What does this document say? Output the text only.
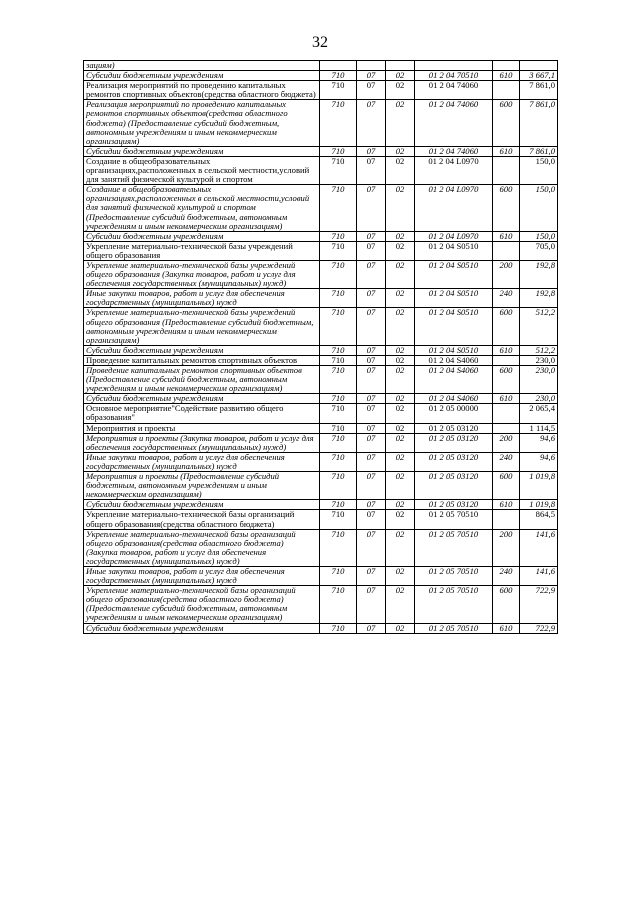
32
зациям)						
Субсидии бюджетным учреждениям	710	07	02	01 2 04 70510	610	3 667,1
Реализация мероприятий по проведению капитальных ремонтов спортивных объектов(средства областного бюджета)	710	07	02	01 2 04 74060		7 861,0
Реализация мероприятий по проведению капитальных ремонтов спортивных объектов(средства областного бюджета) (Предоставление субсидий бюджетным, автономным учреждениям и иным некоммерческим организациям)	710	07	02	01 2 04 74060	600	7 861,0
Субсидии бюджетным учреждениям	710	07	02	01 2 04 74060	610	7 861,0
Создание в общеобразовательных организациях,расположенных в сельской местности,условий для занятий физической культурой и спортом	710	07	02	01 2 04 L0970		150,0
Создание в общеобразовательных организациях,расположенных в сельской местности,условий для занятий физической культурой и спортом (Предоставление субсидий бюджетным, автономным учреждениям и иным некоммерческим организациям)	710	07	02	01 2 04 L0970	600	150,0
Субсидии бюджетным учреждениям	710	07	02	01 2 04 L0970	610	150,0
Укрепление материально-технической базы учреждений общего образования	710	07	02	01 2 04 S0510		705,0
Укрепление материально-технической базы учреждений общего образования (Закупка товаров, работ и услуг для обеспечения государственных (муниципальных) нужд)	710	07	02	01 2 04 S0510	200	192,8
Иные закупки товаров, работ и услуг для обеспечения государственных (муниципальных) нужд	710	07	02	01 2 04 S0510	240	192,8
Укрепление материально-технической базы учреждений общего образования (Предоставление субсидий бюджетным, автономным учреждениям и иным некоммерческим организациям)	710	07	02	01 2 04 S0510	600	512,2
Субсидии бюджетным учреждениям	710	07	02	01 2 04 S0510	610	512,2
Проведение капитальных ремонтов спортивных объектов	710	07	02	01 2 04 S4060		230,0
Проведение капитальных ремонтов спортивных объектов (Предоставление субсидий бюджетным, автономным учреждениям и иным некоммерческим организациям)	710	07	02	01 2 04 S4060	600	230,0
Субсидии бюджетным учреждениям	710	07	02	01 2 04 S4060	610	230,0
Основное мероприятие"Содействие развитию общего образования"	710	07	02	01 2 05 00000		2 065,4
Мероприятия и проекты	710	07	02	01 2 05 03120		1 114,5
Мероприятия и проекты (Закупка товаров, работ и услуг для обеспечения государственных (муниципальных) нужд)	710	07	02	01 2 05 03120	200	94,6
Иные закупки товаров, работ и услуг для обеспечения государственных (муниципальных) нужд	710	07	02	01 2 05 03120	240	94,6
Мероприятия и проекты (Предоставление субсидий бюджетным, автономным учреждениям и иным некоммерческим организациям)	710	07	02	01 2 05 03120	600	1 019,8
Субсидии бюджетным учреждениям	710	07	02	01 2 05 03120	610	1 019,8
Укрепление материально-технической базы организаций общего образования(средства областного бюджета)	710	07	02	01 2 05 70510		864,5
Укрепление материально-технической базы организаций общего образования(средства областного бюджета) (Закупка товаров, работ и услуг для обеспечения государственных (муниципальных) нужд)	710	07	02	01 2 05 70510	200	141,6
Иные закупки товаров, работ и услуг для обеспечения государственных (муниципальных) нужд	710	07	02	01 2 05 70510	240	141,6
Укрепление материально-технической базы организаций общего образования(средства областного бюджета) (Предоставление субсидий бюджетным, автономным учреждениям и иным некоммерческим организациям)	710	07	02	01 2 05 70510	600	722,9
Субсидии бюджетным учреждениям	710	07	02	01 2 05 70510	610	722,9
